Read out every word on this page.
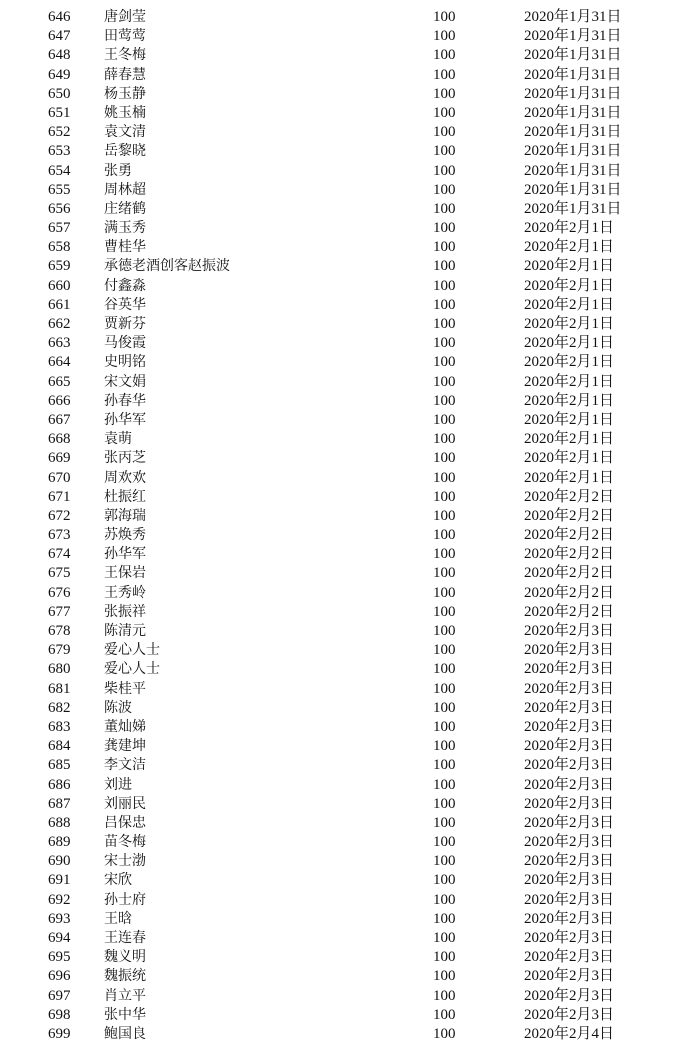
646 唐剑莹	100	2020年1月31日
647 田莺莺	100	2020年1月31日
648 王冬梅	100	2020年1月31日
649 薛春慧	100	2020年1月31日
650 杨玉静	100	2020年1月31日
651 姚玉楠	100	2020年1月31日
652 袁文清	100	2020年1月31日
653 岳黎晓	100	2020年1月31日
654 张勇	100	2020年1月31日
655 周林超	100	2020年1月31日
656 庄绪鹤	100	2020年1月31日
657 满玉秀	100	2020年2月1日
658 曹桂华	100	2020年2月1日
659 承德老酒创客赵振波	100	2020年2月1日
660 付鑫淼	100	2020年2月1日
661 谷英华	100	2020年2月1日
662 贾新芬	100	2020年2月1日
663 马俊霞	100	2020年2月1日
664 史明铭	100	2020年2月1日
665 宋文娟	100	2020年2月1日
666 孙春华	100	2020年2月1日
667 孙华军	100	2020年2月1日
668 袁萌	100	2020年2月1日
669 张丙芝	100	2020年2月1日
670 周欢欢	100	2020年2月1日
671 杜振红	100	2020年2月2日
672 郭海瑞	100	2020年2月2日
673 苏焕秀	100	2020年2月2日
674 孙华军	100	2020年2月2日
675 王保岩	100	2020年2月2日
676 王秀岭	100	2020年2月2日
677 张振祥	100	2020年2月2日
678 陈清元	100	2020年2月3日
679 爱心人士	100	2020年2月3日
680 爱心人士	100	2020年2月3日
681 柴桂平	100	2020年2月3日
682 陈波	100	2020年2月3日
683 董灿娣	100	2020年2月3日
684 龚建坤	100	2020年2月3日
685 李文洁	100	2020年2月3日
686 刘进	100	2020年2月3日
687 刘丽民	100	2020年2月3日
688 吕保忠	100	2020年2月3日
689 苗冬梅	100	2020年2月3日
690 宋士渤	100	2020年2月3日
691 宋欣	100	2020年2月3日
692 孙士府	100	2020年2月3日
693 王晗	100	2020年2月3日
694 王连春	100	2020年2月3日
695 魏义明	100	2020年2月3日
696 魏振统	100	2020年2月3日
697 肖立平	100	2020年2月3日
698 张中华	100	2020年2月3日
699 鲍国良	100	2020年2月4日
